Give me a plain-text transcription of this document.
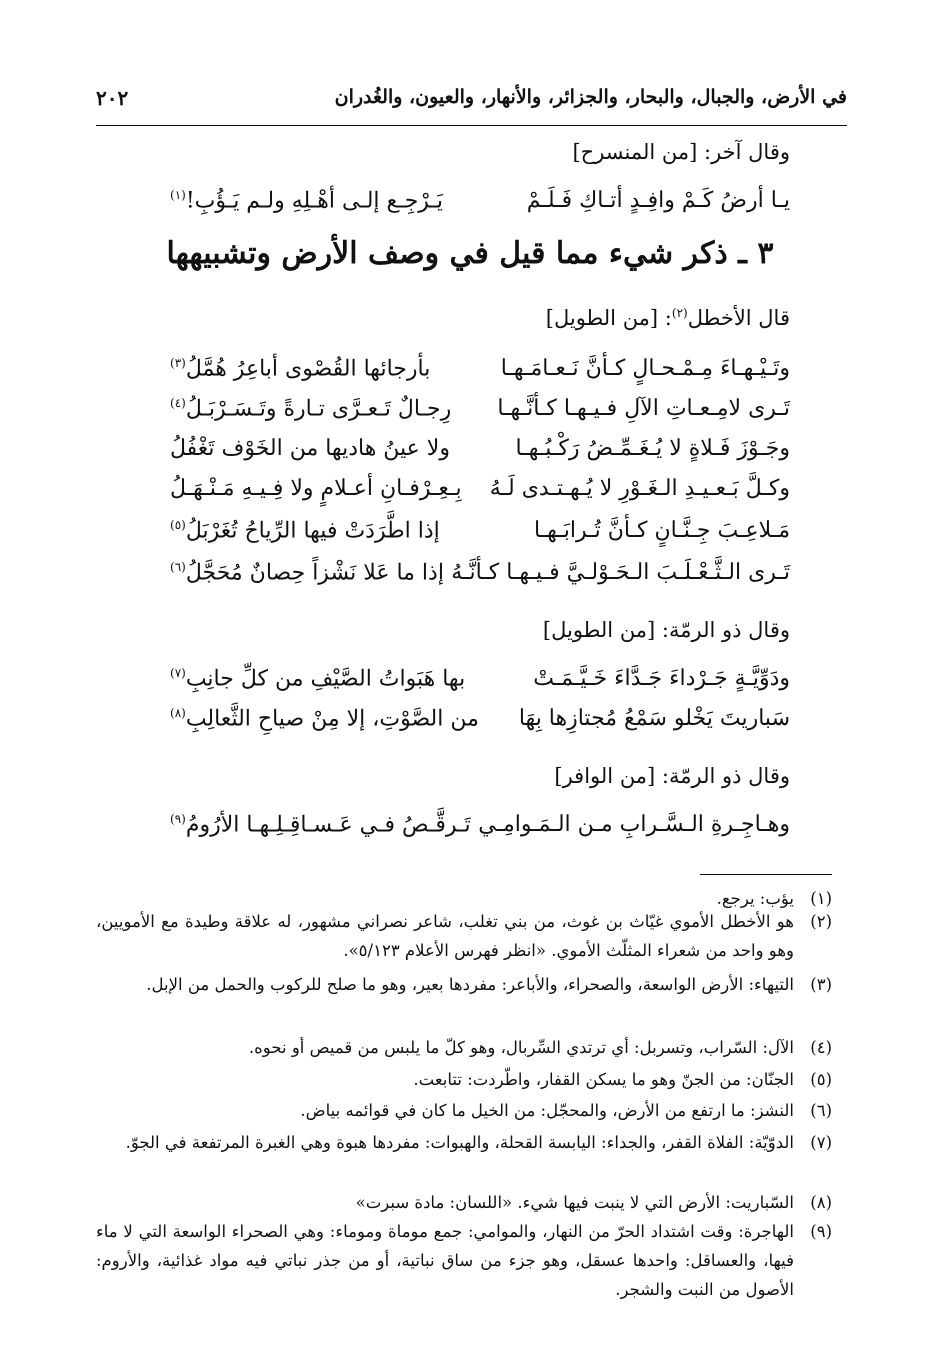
في الأرض، والجبال، والبحار، والجزائر، والأنهار، والعيون، والغُدران
٢٠٢
وقال آخر: [من المنسرح]
يـا أرضُ كَـمْ وافِـدٍ أتـاكِ فَـلَـمْ
يَـرْجِـع إلـى أهْـلِهِ ولـم يَـؤُبِ!$^{(١)}$
٣ ـ ذكر شيء مما قيل في وصف الأرض وتشبيهها
قال الأخطل$^{(٢)}$: [من الطويل]
وتَـيْـهـاءَ مِـمْـحـالٍ كـأنَّ نَـعـامَـهـا
بأرجائها القُصْوى أباعِرُ هُمَّلُ$^{(٣)}$
تَـرى لامِـعـاتِ الآلِ فـيـهـا كـأنَّـهـا
رِجـالٌ تَـعـرَّى تـارةً وتَـسَـرْبَـلُ$^{(٤)}$
وجَـوْزَ فَـلاةٍ لا يُـغَـمِّـضُ رَكْـبُـهـا
ولا عينُ هاديها من الخَوْف تَغْفُلُ
وكـلَّ بَـعـيـدِ الـغَـوْرِ لا يُـهـتـدى لَـهُ
بِـعِـرْفـانِ أعـلامٍ ولا فِـيـهِ مَـنْـهَـلُ
مَـلاعِـبَ جِـنَّـانٍ كـأنَّ تُـرابَـهـا
إذا اطَّرَدَتْ فيها الرِّياحُ تُغَرْبَلُ$^{(٥)}$
تَـرى الـثَّـعْـلَـبَ الـحَـوْلـيَّ فـيـهـا كـأنَّـهُ
إذا ما عَلا نَشْزاً حِصانٌ مُحَجَّلُ$^{(٦)}$
وقال ذو الرمّة: [من الطويل]
ودَوِّيَّـةٍ جَـرْداءَ جَـدَّاءَ خَـيَّـمَـتْ
بها هَبَواتُ الصَّيْفِ من كلِّ جانِبِ$^{(٧)}$
سَباريتَ يَخْلو سَمْعُ مُجتازِها بِهَا
من الصَّوْتِ، إلا مِنْ صياحِ الثَّعالِبِ$^{(٨)}$
وقال ذو الرمّة: [من الوافر]
وهـاجِـرةِ الـسَّـرابِ مـن الـمَـوامِـي
تَـرقَّـصُ فـي عَـسـاقِـلِـهـا الأرُومُ$^{(٩)}$
(١)
يؤب: يرجع.
(٢)
هو الأخطل الأموي غيّاث بن غوث، من بني تغلب، شاعر نصراني مشهور، له علاقة وطيدة مع الأمويين، وهو واحد من شعراء المثلّث الأموي. «انظر فهرس الأعلام ٥/١٢٣».
(٣)
التيهاء: الأرض الواسعة، والصحراء، والأباعر: مفردها بعير، وهو ما صلح للركوب والحمل من الإبل.
(٤)
الآل: السّراب، وتسربل: أي ترتدي السِّربال، وهو كلّ ما يلبس من قميص أو نحوه.
(٥)
الجنّان: من الجنّ وهو ما يسكن القفار، واطّردت: تتابعت.
(٦)
النشز: ما ارتفع من الأرض، والمحجّل: من الخيل ما كان في قوائمه بياض.
(٧)
الدوّيّة: الفلاة القفر، والجداء: اليابسة القحلة، والهبوات: مفردها هبوة وهي الغبرة المرتفعة في الجوّ.
(٨)
السّباريت: الأرض التي لا ينبت فيها شيء. «اللسان: مادة سبرت»
(٩)
الهاجرة: وقت اشتداد الحرّ من النهار، والموامي: جمع موماة وموماء: وهي الصحراء الواسعة التي لا ماء فيها، والعساقل: واحدها عسقل، وهو جزء من ساق نباتية، أو من جذر نباتي فيه مواد غذائية، والأروم: الأصول من النبت والشجر.
